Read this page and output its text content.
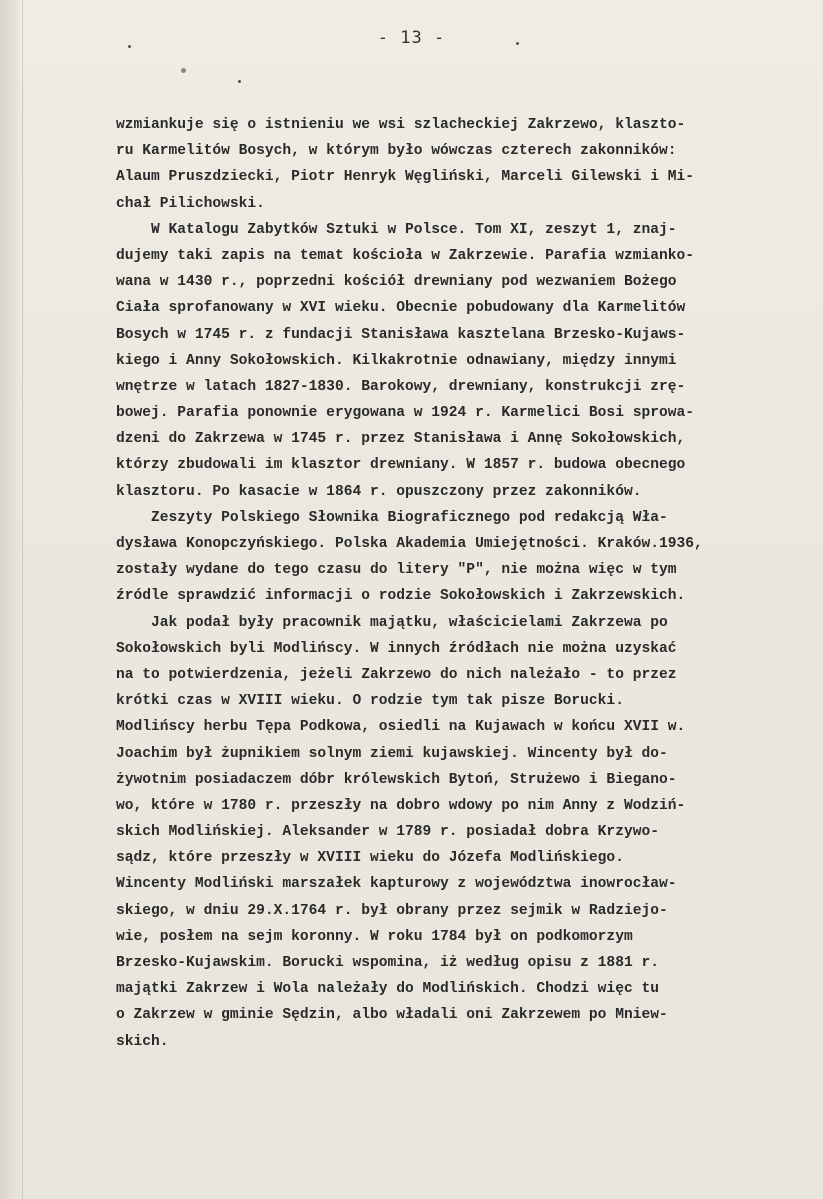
- 13 -
wzmiankuje się o istnieniu we wsi szlacheckiej Zakrzewo, klaszto-
ru Karmelitów Bosych, w którym było wówczas czterech zakonników:
Alaum Pruszdziecki, Piotr Henryk Węgliński, Marceli Gilewski i Mi-
chał Pilichowski.
W Katalogu Zabytków Sztuki w Polsce. Tom XI, zeszyt 1, znaj-
dujemy taki zapis na temat kościoła w Zakrzewie. Parafia wzmianko-
wana w 1430 r., poprzedni kościół drewniany pod wezwaniem Bożego
Ciała sprofanowany w XVI wieku. Obecnie pobudowany dla Karmelitów
Bosych w 1745 r. z fundacji Stanisława kasztelana Brzesko-Kujaws-
kiego i Anny Sokołowskich. Kilkakrotnie odnawiany, między innymi
wnętrze w latach 1827-1830. Barokowy, drewniany, konstrukcji zrę-
bowej. Parafia ponownie erygowana w 1924 r. Karmelici Bosi sprowa-
dzeni do Zakrzewa w 1745 r. przez Stanisława i Annę Sokołowskich,
którzy zbudowali im klasztor drewniany. W 1857 r. budowa obecnego
klasztoru. Po kasacie w 1864 r. opuszczony przez zakonników.
Zeszyty Polskiego Słownika Biograficznego pod redakcją Wła-
dysława Konopczyńskiego. Polska Akademia Umiejętności. Kraków.1936,
zostały wydane do tego czasu do litery "P", nie można więc w tym
źródle sprawdzić informacji o rodzie Sokołowskich i Zakrzewskich.
Jak podał były pracownik majątku, właścicielami Zakrzewa po
Sokołowskich byli Modlińscy. W innych źródłach nie można uzyskać
na to potwierdzenia, jeżeli Zakrzewo do nich należało - to przez
krótki czas w XVIII wieku. O rodzie tym tak pisze Borucki.
Modlińscy herbu Tępa Podkowa, osiedli na Kujawach w końcu XVII w.
Joachim był żupnikiem solnym ziemi kujawskiej. Wincenty był do-
żywotnim posiadaczem dóbr królewskich Bytoń, Strużewo i Biegano-
wo, które w 1780 r. przeszły na dobro wdowy po nim Anny z Wodziń-
skich Modlińskiej. Aleksander w 1789 r. posiadał dobra Krzywo-
sądz, które przeszły w XVIII wieku do Józefa Modlińskiego.
Wincenty Modliński marszałek kapturowy z województwa inowrocław-
skiego, w dniu 29.X.1764 r. był obrany przez sejmik w Radziejo-
wie, posłem na sejm koronny. W roku 1784 był on podkomorzym
Brzesko-Kujawskim. Borucki wspomina, iż według opisu z 1881 r.
majątki Zakrzew i Wola należały do Modlińskich. Chodzi więc tu
o Zakrzew w gminie Sędzin, albo władali oni Zakrzewem po Mniew-
skich.
